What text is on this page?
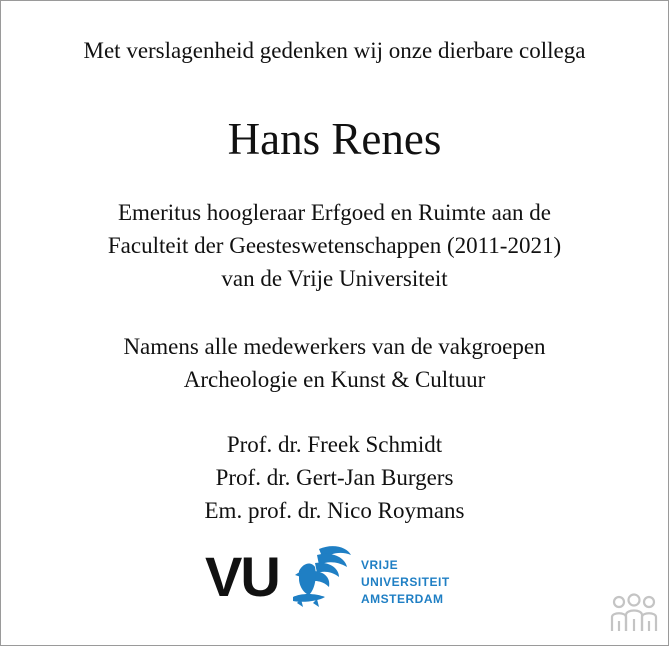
Met verslagenheid gedenken wij onze dierbare collega
Hans Renes
Emeritus hoogleraar Erfgoed en Ruimte aan de
Faculteit der Geesteswetenschappen (2011-2021)
van de Vrije Universiteit
Namens alle medewerkers van de vakgroepen
Archeologie en Kunst & Cultuur
Prof. dr. Freek Schmidt
Prof. dr. Gert-Jan Burgers
Em. prof. dr. Nico Roymans
VU	VRIJE
UNIVERSITEIT
AMSTERDAM
